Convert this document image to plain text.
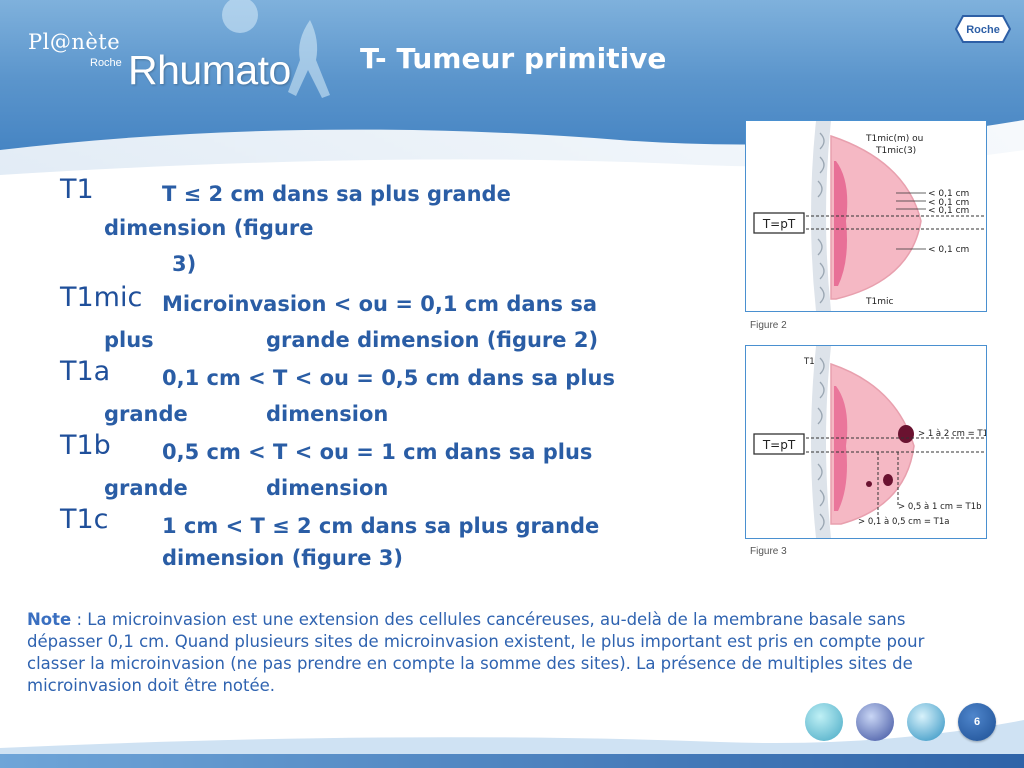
Pl@nète
Roche Rhumato T- Tumeur primitive
Roche
T1	T ≤ 2 cm dans sa plus grande
dimension (figure
3)
T1mic Microinvasion < ou = 0,1 cm dans sa
plus	grande dimension (figure 2)
T1a 0,1 cm < T < ou = 0,5 cm dans sa plus
grande	dimension
T1b 0,5 cm < T < ou = 1 cm dans sa plus
grande	dimension
T1c	1 cm < T ≤ 2 cm dans sa plus grande
dimension (figure 3)
T=pT
T1mic(m) ou
T1mic(3)
< 0,1 cm
< 0,1 cm
< 0,1 cm
< 0,1 cm
T1mic
Figure 2
T=pT
T1
> 1 à 2 cm = T1c
> 0,5 à 1 cm = T1b
> 0,1 à 0,5 cm = T1a
Figure 3
Note : La microinvasion est une extension des cellules cancéreuses, au-delà de la membrane basale sans dépasser 0,1 cm. Quand plusieurs sites de microinvasion existent, le plus important est pris en compte pour classer la microinvasion (ne pas prendre en compte la somme des sites). La présence de multiples sites de microinvasion doit être notée.
6
